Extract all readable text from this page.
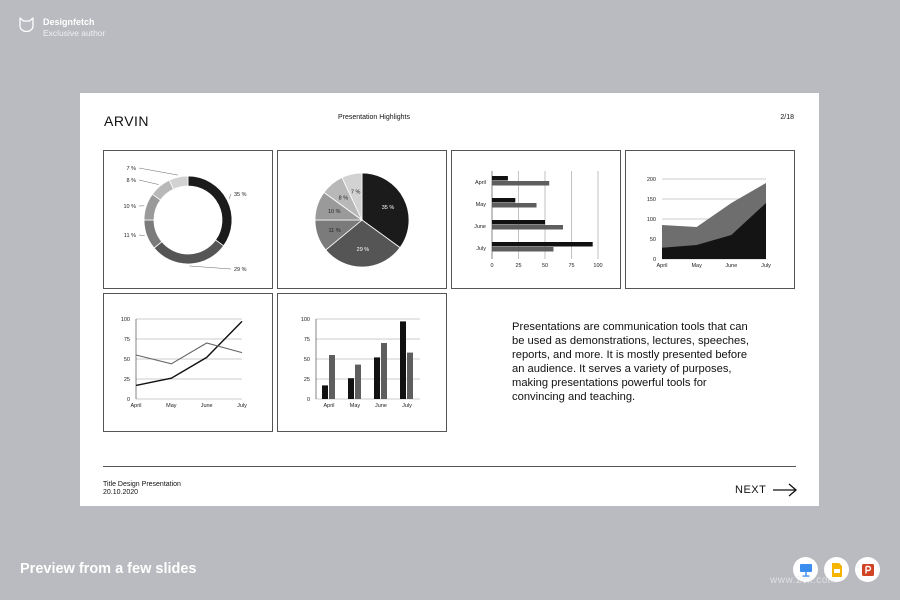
Designfetch
Exclusive author
ARVIN	Presentation Highlights	2/18
35 %
29 %
11 %
10 %
8 %
7 %
35 %
29 %
11 %
10 %
8 %
7 %
0	25	50	75	100
April
May
June
July
0
50
100
150
200
April	May	June	July
0
25
50
75
100
April	May	June	July
0
25
50
75
100
April	May	June	July
Presentations are communication tools that can be used as demonstrations, lectures, speeches, reports, and more. It is mostly presented before an audience. It serves a variety of purposes, making presentations powerful tools for convincing and teaching.
Title Design Presentation
20.10.2020	NEXT
Preview from a few slides
www.2cx.com
